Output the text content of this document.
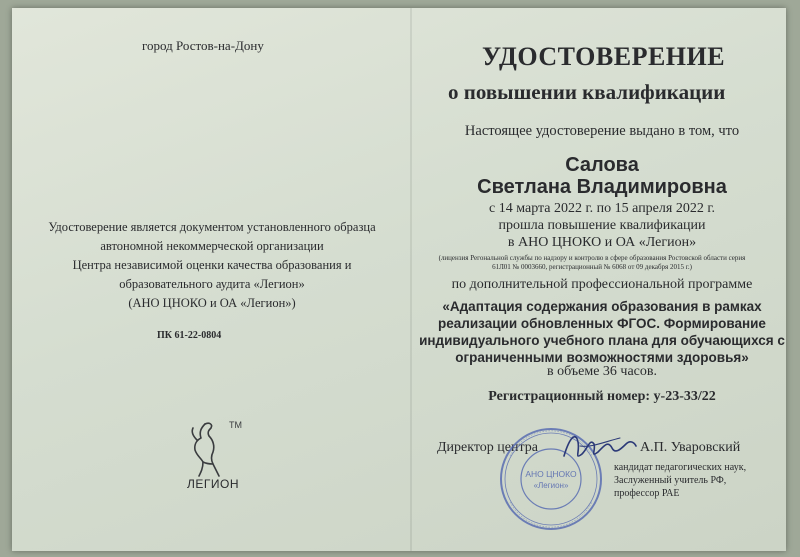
город Ростов-на-Дону
Удостоверение является документом установленного образца
автономной некоммерческой организации
Центра независимой оценки качества образования и
образовательного аудита «Легион»
(АНО ЦНОКО и ОА «Легион»)
ПК 61-22-0804
TM
ЛЕГИОН
УДОСТОВЕРЕНИЕ
о повышении квалификации
Настоящее удостоверение выдано в том, что
Салова
Светлана Владимировна
с 14 марта 2022 г. по 15 апреля 2022 г.
прошла повышение квалификации
в АНО ЦНОКО и ОА «Легион»
(лицензия Регональной службы по надзору и контролю в сфере образования Ростовской области серия
61Л01 № 0003660, регистрационный № 6068 от 09 декабря 2015 г.)
по дополнительной профессиональной программе
«Адаптация содержания образования в рамках
реализации обновленных ФГОС. Формирование
индивидуального учебного плана для обучающихся с
ограниченными возможностями здоровья»
в объеме 36 часов.
Регистрационный номер: у-23-33/22
Директор центра	А.П. Уваровский
кандидат педагогических наук,
Заслуженный учитель РФ,
профессор РАЕ
АНО ЦНОКО
«Легион»
